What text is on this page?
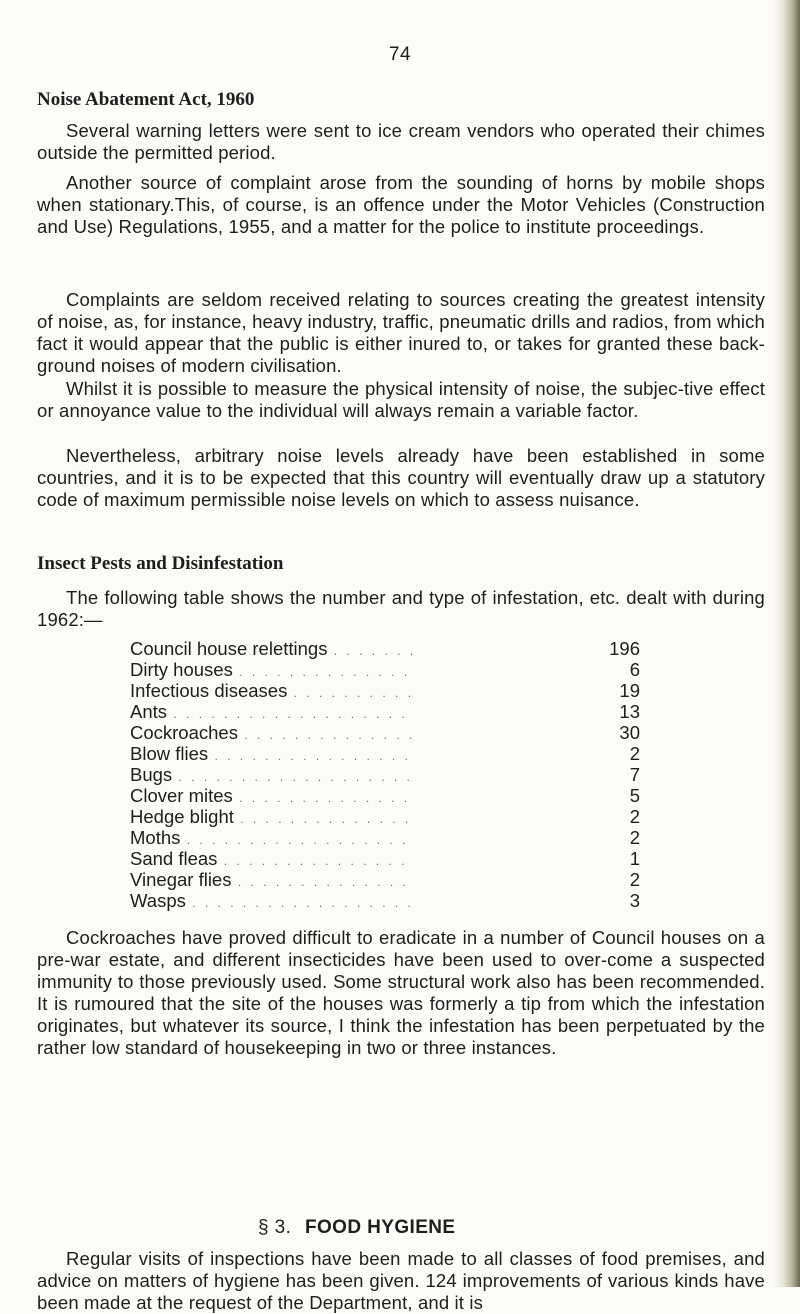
74
Noise Abatement Act, 1960

Several warning letters were sent to ice cream vendors who operated their chimes outside the permitted period.

Another source of complaint arose from the sounding of horns by mobile shops when stationary.This, of course, is an offence under the Motor Vehicles (Construction and Use) Regulations, 1955, and a matter for the police to institute proceedings.

Complaints are seldom received relating to sources creating the greatest intensity of noise, as, for instance, heavy industry, traffic, pneumatic drills and radios, from which fact it would appear that the public is either inured to, or takes for granted these back-ground noises of modern civilisation.

Whilst it is possible to measure the physical intensity of noise, the subjec-tive effect or annoyance value to the individual will always remain a variable factor.

Nevertheless, arbitrary noise levels already have been established in some countries, and it is to be expected that this country will eventually draw up a statutory code of maximum permissible noise levels on which to assess nuisance.

Insect Pests and Disinfestation

The following table shows the number and type of infestation, etc. dealt with during 1962:—

Council house relettings . . .	196
Dirty houses . . .	6
Infectious diseases . . .	19
Ants . . .	13
Cockroaches . . .	30
Blow flies . . .	2
Bugs . . .	7
Clover mites . . .	5
Hedge blight . . .	2
Moths . . .	2
Sand fleas . . .	1
Vinegar flies . . .	2
Wasps . . .	3

Cockroaches have proved difficult to eradicate in a number of Council houses on a pre-war estate, and different insecticides have been used to over-come a suspected immunity to those previously used. Some structural work also has been recommended. It is rumoured that the site of the houses was formerly a tip from which the infestation originates, but whatever its source, I think the infestation has been perpetuated by the rather low standard of housekeeping in two or three instances.

§ 3. FOOD HYGIENE

Regular visits of inspections have been made to all classes of food premises, and advice on matters of hygiene has been given. 124 improvements of various kinds have been made at the request of the Department, and it is
